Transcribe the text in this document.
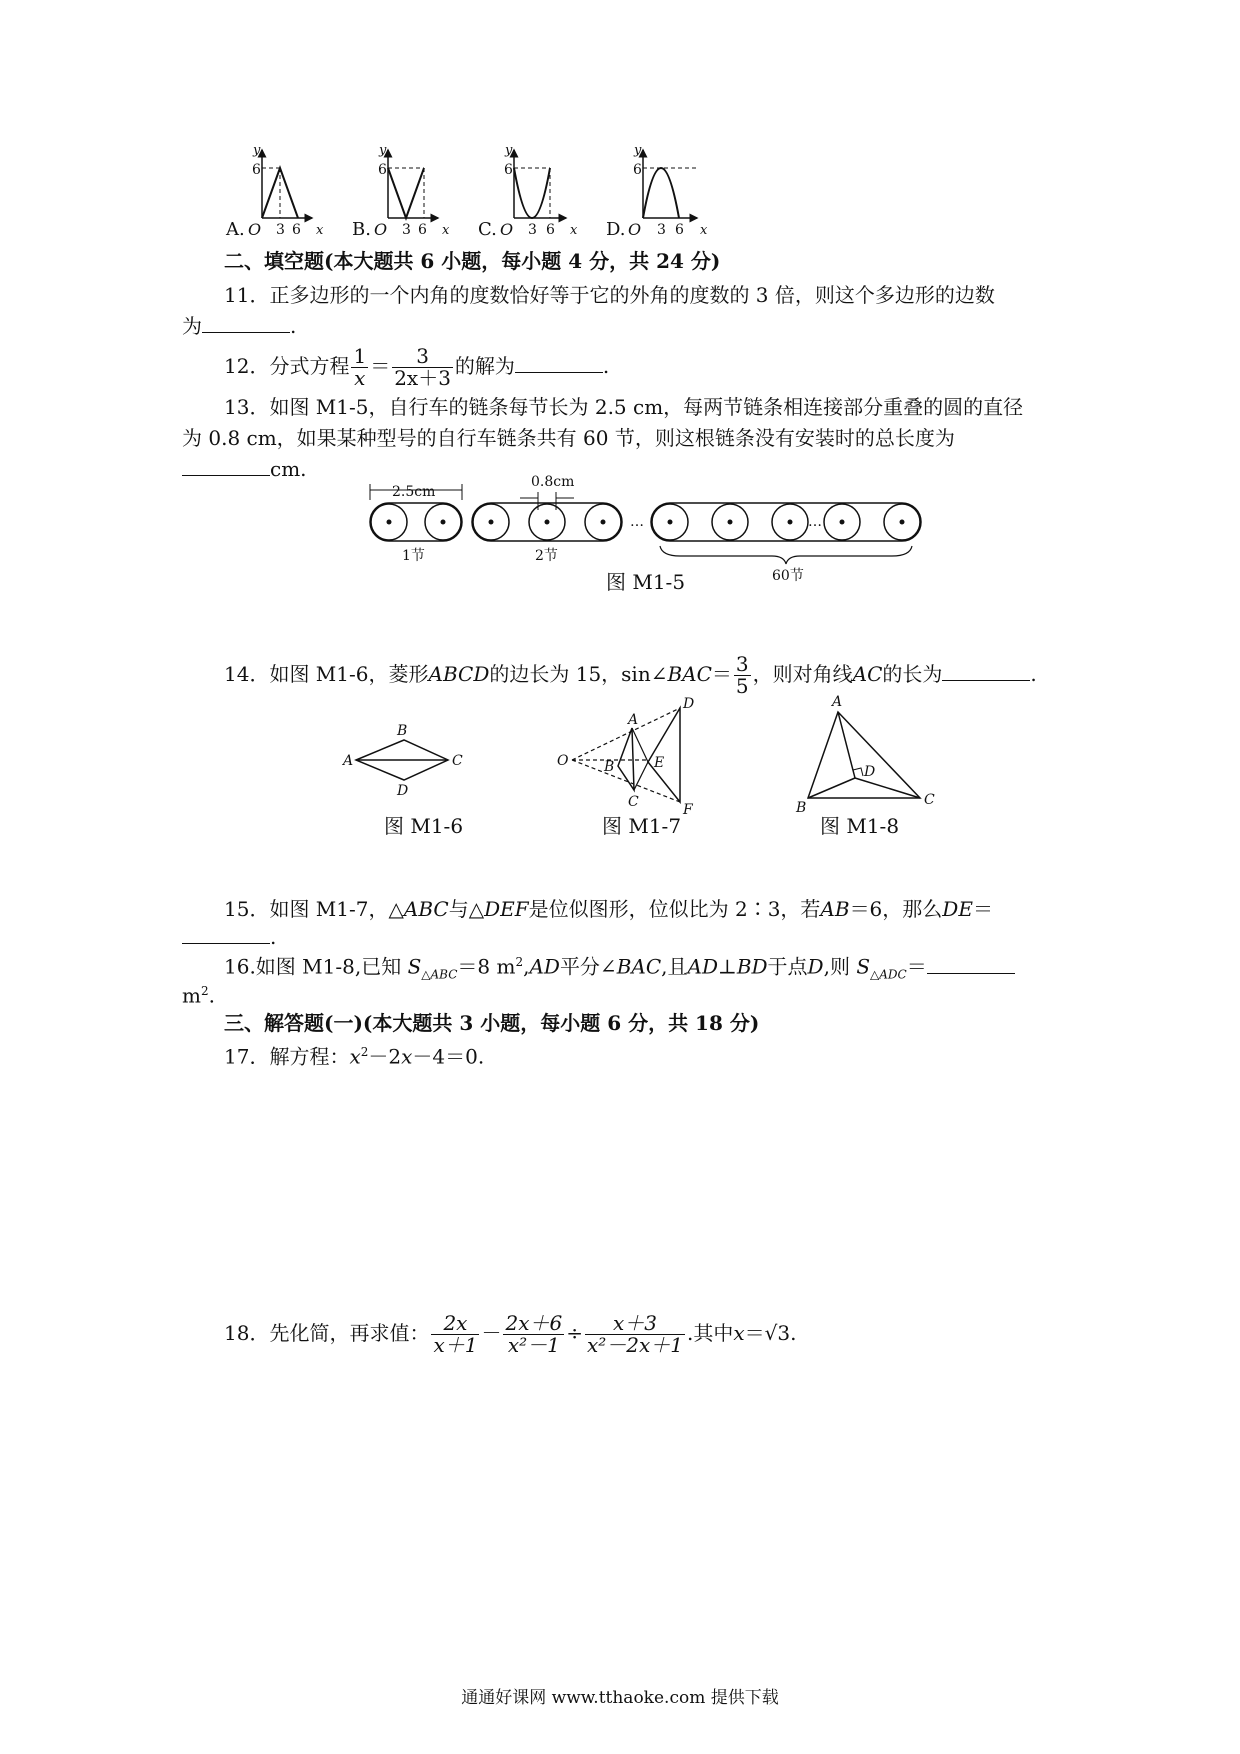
y	y	y	y
x	x	x	x
6	6	6	6
3 6	3 6	3 6	3 6
A. O	B. O	C. O	D. O
二、填空题(本大题共 6 小题，每小题 4 分，共 24 分)
11．正多边形的一个内角的度数恰好等于它的外角的度数的 3 倍，则这个多边形的边数
为	.
12．分式方程 $\frac{1}{x} = \frac{3}{2x+3}$ 的解为	.
13．如图 M1-5，自行车的链条每节长为 2.5 cm，每两节链条相连接部分重叠的圆的直径
为 0.8 cm，如果某种型号的自行车链条共有 60 节，则这根链条没有安装时的总长度为
cm.
2.5cm
0.8cm
1节	2节
…	…
60节
图 M1-5
14．如图 M1-6，菱形ABCD的边长为 15，sin∠BAC＝ $\frac{3}{5}$ ，则对角线AC的长为	.
A
B
C
D
O
A
B
C
D
E
F
A
B	C
D
图 M1-6	图 M1-7	图 M1-8
15．如图 M1-7，△ABC与△DEF是位似图形，位似比为 2∶3，若AB＝6，那么DE＝
.
16.如图 M1-8,已知 $S_{\triangle ABC}=8$ $m^2,AD$平分∠BAC,且AD⊥BD于点D,则 $S_{\triangle ADC}=$
$m^2$.
三、解答题(一)(本大题共 3 小题，每小题 6 分，共 18 分)
17．解方程：$x^2-2x-4=0$.
18．先化简，再求值： $\frac{2x}{x+1} - \frac{2x+6}{\text{x²－1}} \div \frac{x+3}{\text{x²－2x＋1}}$ .其中x＝√3.
通通好课网 www.tthaoke.com 提供下载
